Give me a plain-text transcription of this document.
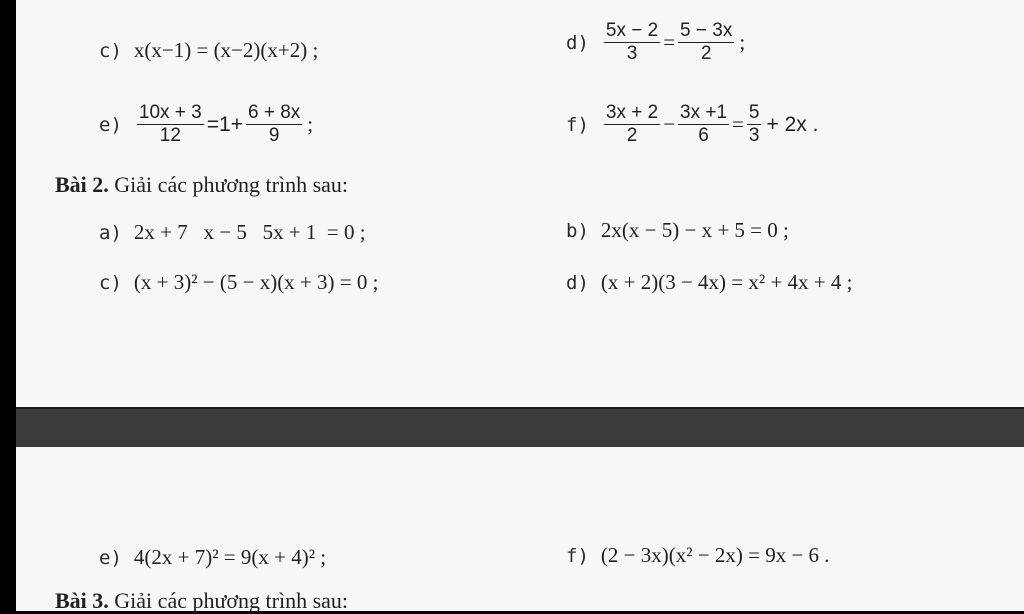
c) x(x−1) = (x−2)(x+2) ;	$d) \frac{5x - 2}{3} = \frac{5 - 3x}{2}$ ;
$e) \frac{10x + 3}{12} =1+ \frac{6 + 8x}{9}$ ;	$f) \frac{3x + 2}{2} - \frac{3x +1}{6} = \frac{5}{3} + 2x$ .
Bài 2.
Giải các phương trình sau:
a) 2x + 7   x − 5   5x + 1  = 0 ;	b) 2x(x − 5) − x + 5 = 0 ;
c) (x + 3)² − (5 − x)(x + 3) = 0 ;	d) (x + 2)(3 − 4x) = x² + 4x + 4 ;
e) 4(2x + 7)² = 9(x + 4)² ;	f) (2 − 3x)(x² − 2x) = 9x − 6 .
Bài 3.
Giải các phương trình sau:
